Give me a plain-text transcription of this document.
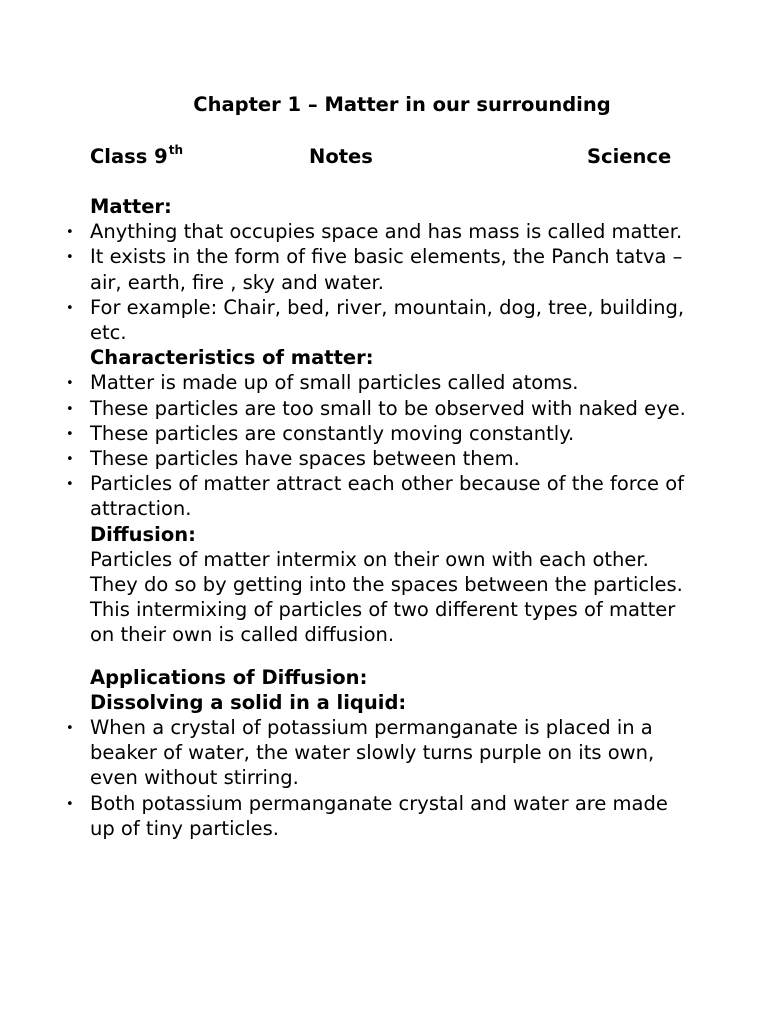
Chapter 1 – Matter in our surrounding
Class 9th	Notes	Science
Matter:
• Anything that occupies space and has mass is called matter.
• It exists in the form of five basic elements, the Panch tatva – air, earth, fire , sky and water.
• For example: Chair, bed, river, mountain, dog, tree, building, etc.
Characteristics of matter:
• Matter is made up of small particles called atoms.
• These particles are too small to be observed with naked eye.
• These particles are constantly moving constantly.
• These particles have spaces between them.
• Particles of matter attract each other because of the force of attraction.
Diffusion:

Particles of matter intermix on their own with each other. They do so by getting into the spaces between the particles. This intermixing of particles of two different types of matter on their own is called diffusion.

Applications of Diffusion:
Dissolving a solid in a liquid:
• When a crystal of potassium permanganate is placed in a beaker of water, the water slowly turns purple on its own, even without stirring.
• Both potassium permanganate crystal and water are made up of tiny particles.
